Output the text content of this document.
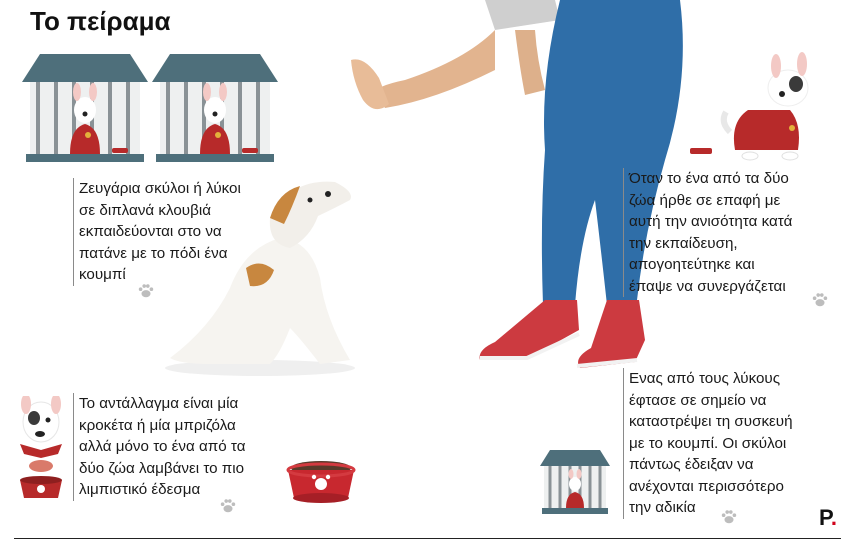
Το πείραμα
Ζευγάρια σκύλοι ή λύκοι
σε διπλανά κλουβιά
εκπαιδεύονται στο να
πατάνε με το πόδι ένα
κουμπί
Το αντάλλαγμα είναι μία
κροκέτα ή μία μπριζόλα
αλλά μόνο το ένα από τα
δύο ζώα λαμβάνει το πιο
λιμπιστικό έδεσμα
Όταν το ένα από τα δύο
ζώα ήρθε σε επαφή με
αυτή την ανισότητα κατά
την εκπαίδευση,
απογοητεύτηκε και
έπαψε να συνεργάζεται
Ενας από τους λύκους
έφτασε σε σημείο να
καταστρέψει τη συσκευή
με το κουμπί. Οι σκύλοι
πάντως έδειξαν να
ανέχονται περισσότερο
την αδικία	P.
